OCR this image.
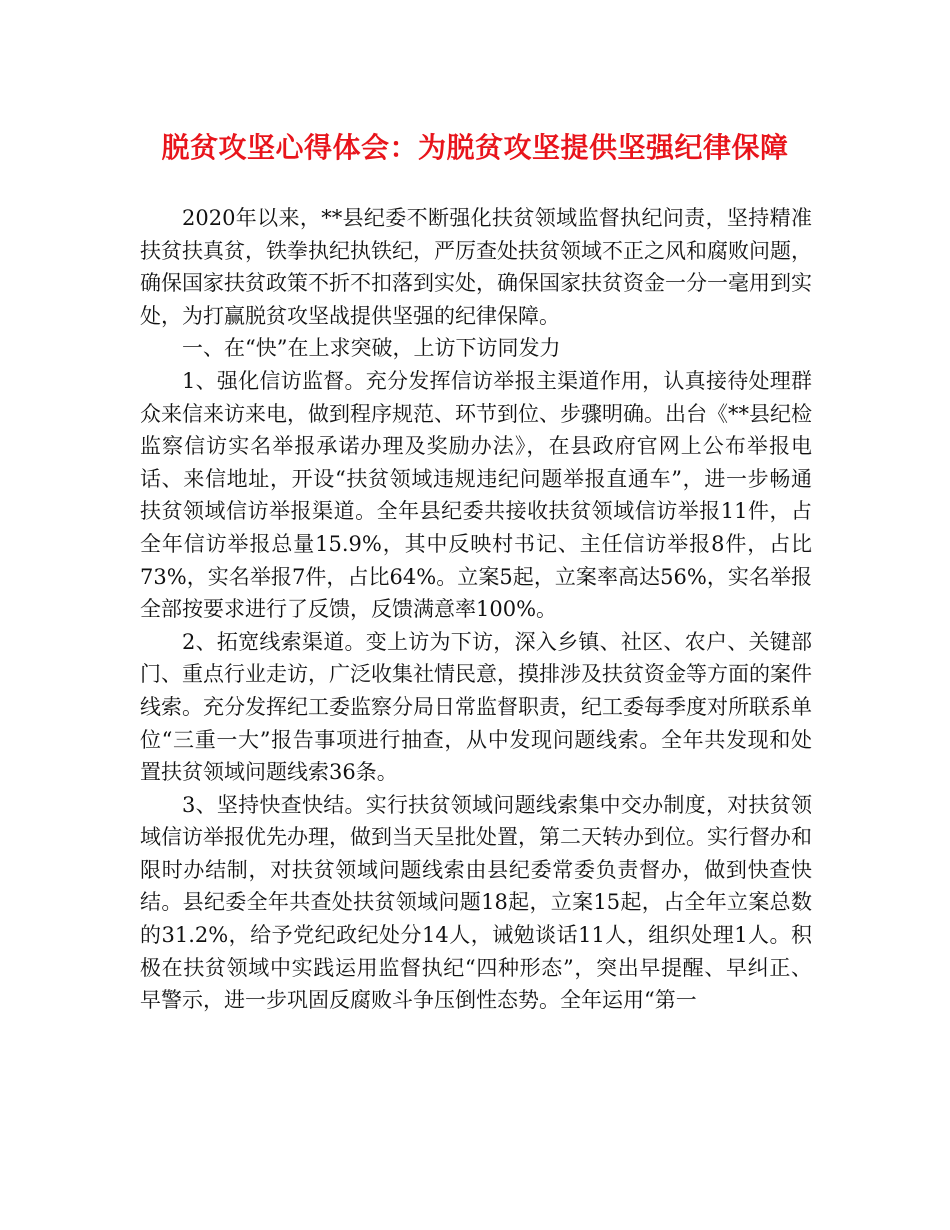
脱贫攻坚心得体会：为脱贫攻坚提供坚强纪律保障

2020年以来，**县纪委不断强化扶贫领域监督执纪问责，坚持精准扶贫扶真贫，铁拳执纪执铁纪，严厉查处扶贫领域不正之风和腐败问题，确保国家扶贫政策不折不扣落到实处，确保国家扶贫资金一分一毫用到实处，为打赢脱贫攻坚战提供坚强的纪律保障。

一、在“快”在上求突破，上访下访同发力

1、强化信访监督。充分发挥信访举报主渠道作用，认真接待处理群众来信来访来电，做到程序规范、环节到位、步骤明确。出台《**县纪检监察信访实名举报承诺办理及奖励办法》，在县政府官网上公布举报电话、来信地址，开设“扶贫领域违规违纪问题举报直通车”，进一步畅通扶贫领域信访举报渠道。全年县纪委共接收扶贫领域信访举报11件，占全年信访举报总量15.9%，其中反映村书记、主任信访举报8件，占比73%，实名举报7件，占比64%。立案5起，立案率高达56%，实名举报全部按要求进行了反馈，反馈满意率100%。

2、拓宽线索渠道。变上访为下访，深入乡镇、社区、农户、关键部门、重点行业走访，广泛收集社情民意，摸排涉及扶贫资金等方面的案件线索。充分发挥纪工委监察分局日常监督职责，纪工委每季度对所联系单位“三重一大”报告事项进行抽查，从中发现问题线索。全年共发现和处置扶贫领域问题线索36条。

3、坚持快查快结。实行扶贫领域问题线索集中交办制度，对扶贫领域信访举报优先办理，做到当天呈批处置，第二天转办到位。实行督办和限时办结制，对扶贫领域问题线索由县纪委常委负责督办，做到快查快结。县纪委全年共查处扶贫领域问题18起，立案15起，占全年立案总数的31.2%，给予党纪政纪处分14人，诫勉谈话11人，组织处理1人。积极在扶贫领域中实践运用监督执纪“四种形态”，突出早提醒、早纠正、早警示，进一步巩固反腐败斗争压倒性态势。全年运用“第一
